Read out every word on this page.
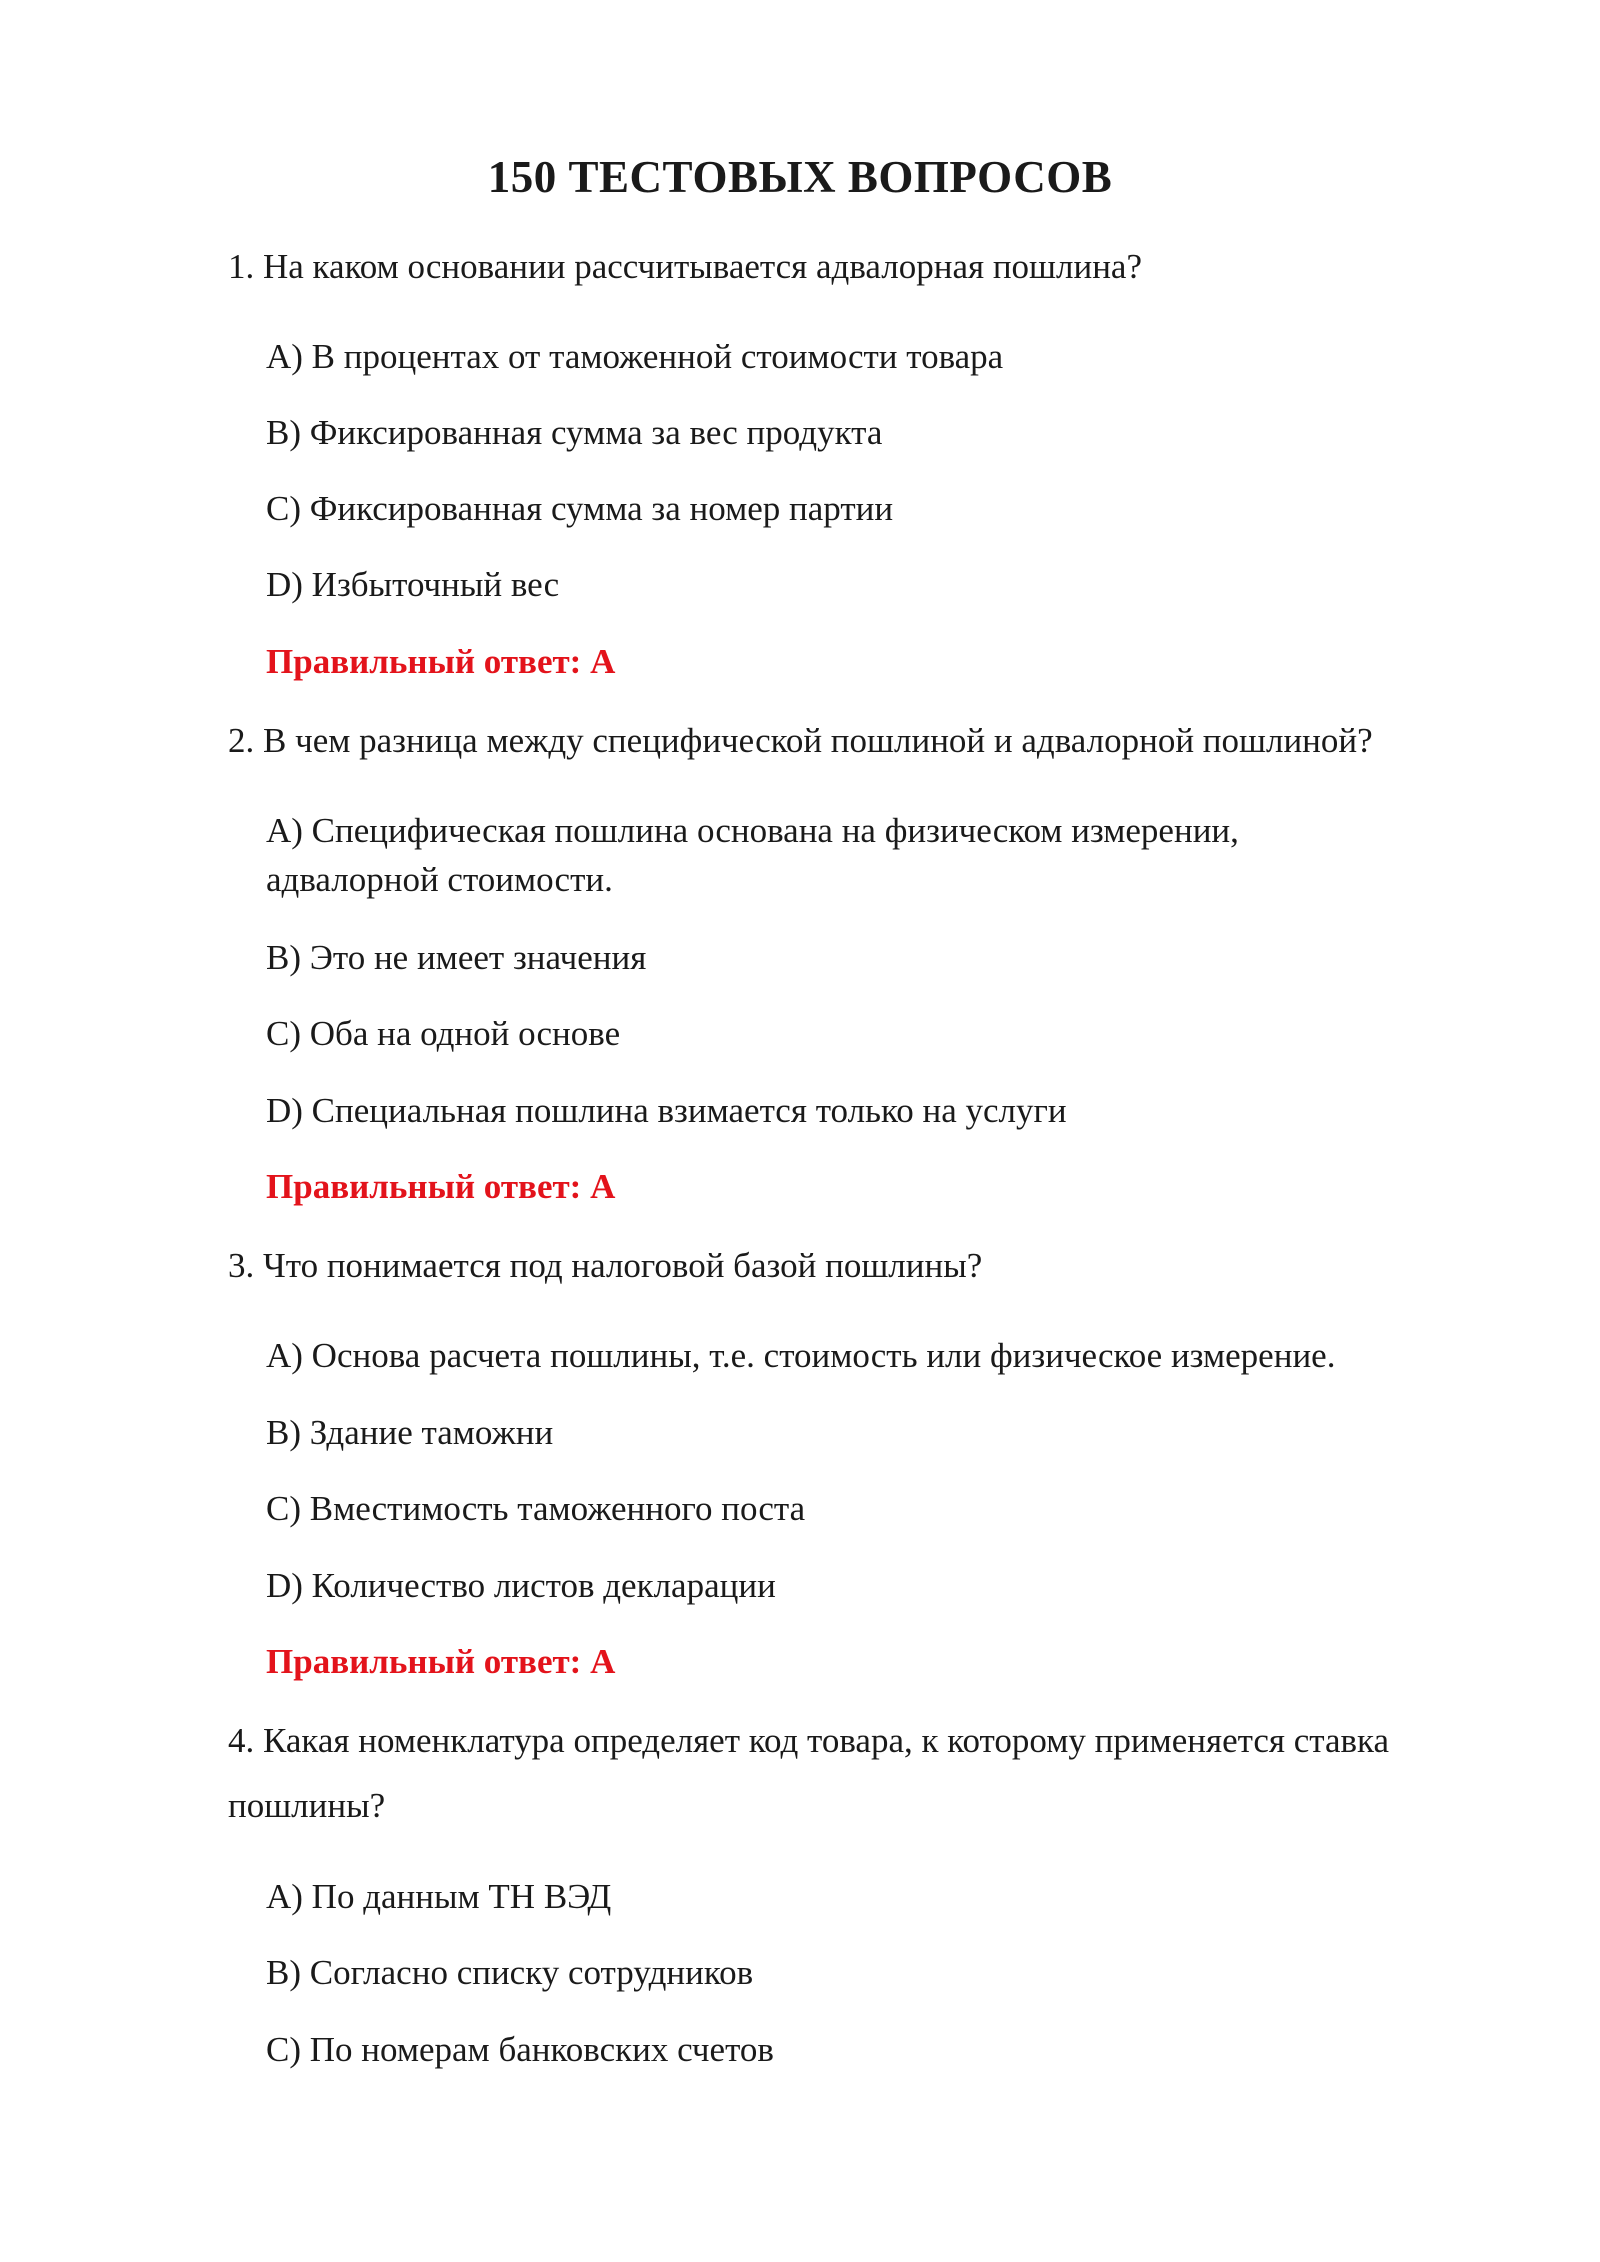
150 ТЕСТОВЫХ ВОПРОСОВ
1. На каком основании рассчитывается адвалорная пошлина?
А) В процентах от таможенной стоимости товара
B) Фиксированная сумма за вес продукта
C) Фиксированная сумма за номер партии
D) Избыточный вес
Правильный ответ: А
2. В чем разница между специфической пошлиной и адвалорной пошлиной?
А) Специфическая пошлина основана на физическом измерении, адвалорной стоимости.
B) Это не имеет значения
C) Оба на одной основе
D) Специальная пошлина взимается только на услуги
Правильный ответ: А
3. Что понимается под налоговой базой пошлины?
А) Основа расчета пошлины, т.е. стоимость или физическое измерение.
B) Здание таможни
C) Вместимость таможенного поста
D) Количество листов декларации
Правильный ответ: А
4. Какая номенклатура определяет код товара, к которому применяется ставка пошлины?
А) По данным ТН ВЭД
B) Согласно списку сотрудников
C) По номерам банковских счетов
